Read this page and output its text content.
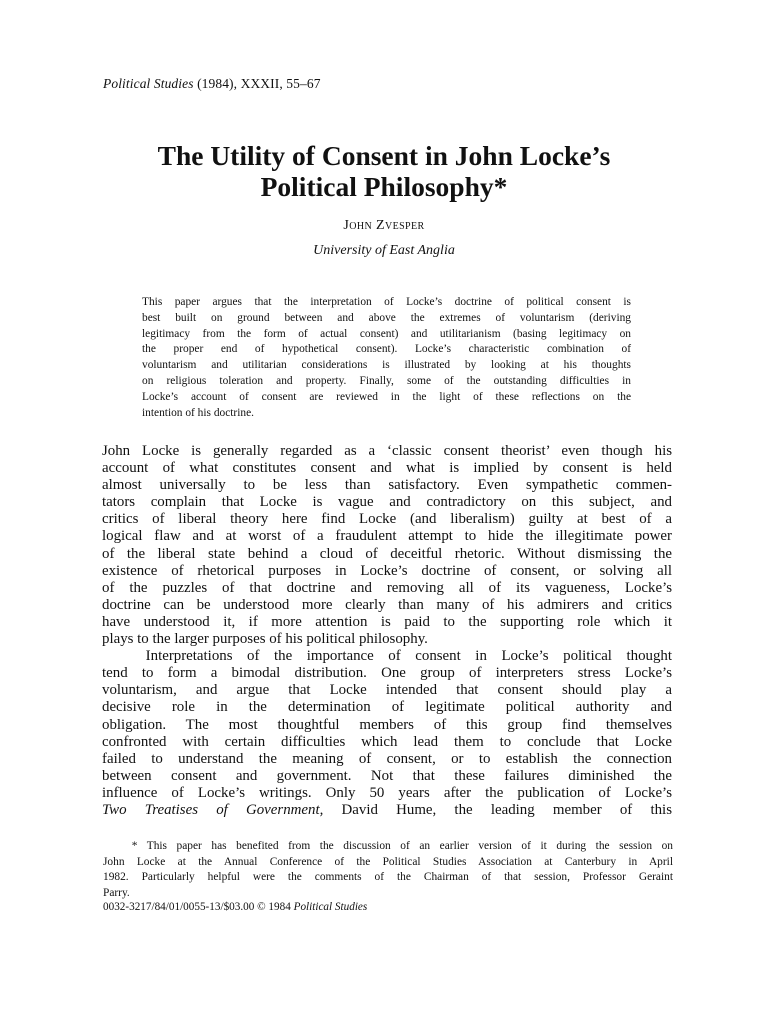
Political Studies (1984), XXXII, 55–67
The Utility of Consent in John Locke’s
Political Philosophy*
John Zvesper
University of East Anglia
This paper argues that the interpretation of Locke’s doctrine of political consent is
best built on ground between and above the extremes of voluntarism (deriving
legitimacy from the form of actual consent) and utilitarianism (basing legitimacy on
the proper end of hypothetical consent). Locke’s characteristic combination of
voluntarism and utilitarian considerations is illustrated by looking at his thoughts
on religious toleration and property. Finally, some of the outstanding difficulties in
Locke’s account of consent are reviewed in the light of these reflections on the
intention of his doctrine.
John Locke is generally regarded as a ‘classic consent theorist’ even though his
account of what constitutes consent and what is implied by consent is held
almost universally to be less than satisfactory. Even sympathetic commen-
tators complain that Locke is vague and contradictory on this subject, and
critics of liberal theory here find Locke (and liberalism) guilty at best of a
logical flaw and at worst of a fraudulent attempt to hide the illegitimate power
of the liberal state behind a cloud of deceitful rhetoric. Without dismissing the
existence of rhetorical purposes in Locke’s doctrine of consent, or solving all
of the puzzles of that doctrine and removing all of its vagueness, Locke’s
doctrine can be understood more clearly than many of his admirers and critics
have understood it, if more attention is paid to the supporting role which it
plays to the larger purposes of his political philosophy.
Interpretations of the importance of consent in Locke’s political thought
tend to form a bimodal distribution. One group of interpreters stress Locke’s
voluntarism, and argue that Locke intended that consent should play a
decisive role in the determination of legitimate political authority and
obligation. The most thoughtful members of this group find themselves
confronted with certain difficulties which lead them to conclude that Locke
failed to understand the meaning of consent, or to establish the connection
between consent and government. Not that these failures diminished the
influence of Locke’s writings. Only 50 years after the publication of Locke’s
Two Treatises of Government, David Hume, the leading member of this
* This paper has benefited from the discussion of an earlier version of it during the session on
John Locke at the Annual Conference of the Political Studies Association at Canterbury in April
1982. Particularly helpful were the comments of the Chairman of that session, Professor Geraint
Parry.
0032-3217/84/01/0055-13/$03.00 © 1984 Political Studies
